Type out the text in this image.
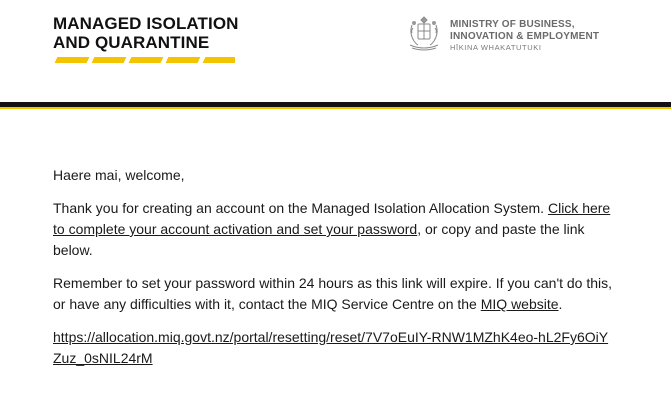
MANAGED ISOLATION
AND QUARANTINE
MINISTRY OF BUSINESS,
INNOVATION & EMPLOYMENT
HĪKINA WHAKATUTUKI

Haere mai, welcome,

Thank you for creating an account on the Managed Isolation Allocation System. Click here to complete your account activation and set your password, or copy and paste the link below.

Remember to set your password within 24 hours as this link will expire. If you can't do this, or have any difficulties with it, contact the MIQ Service Centre on the MIQ website.

https://allocation.miq.govt.nz/portal/resetting/reset/7V7oEuIY-RNW1MZhK4eo-hL2Fy6OiYZuz_0sNIL24rM
